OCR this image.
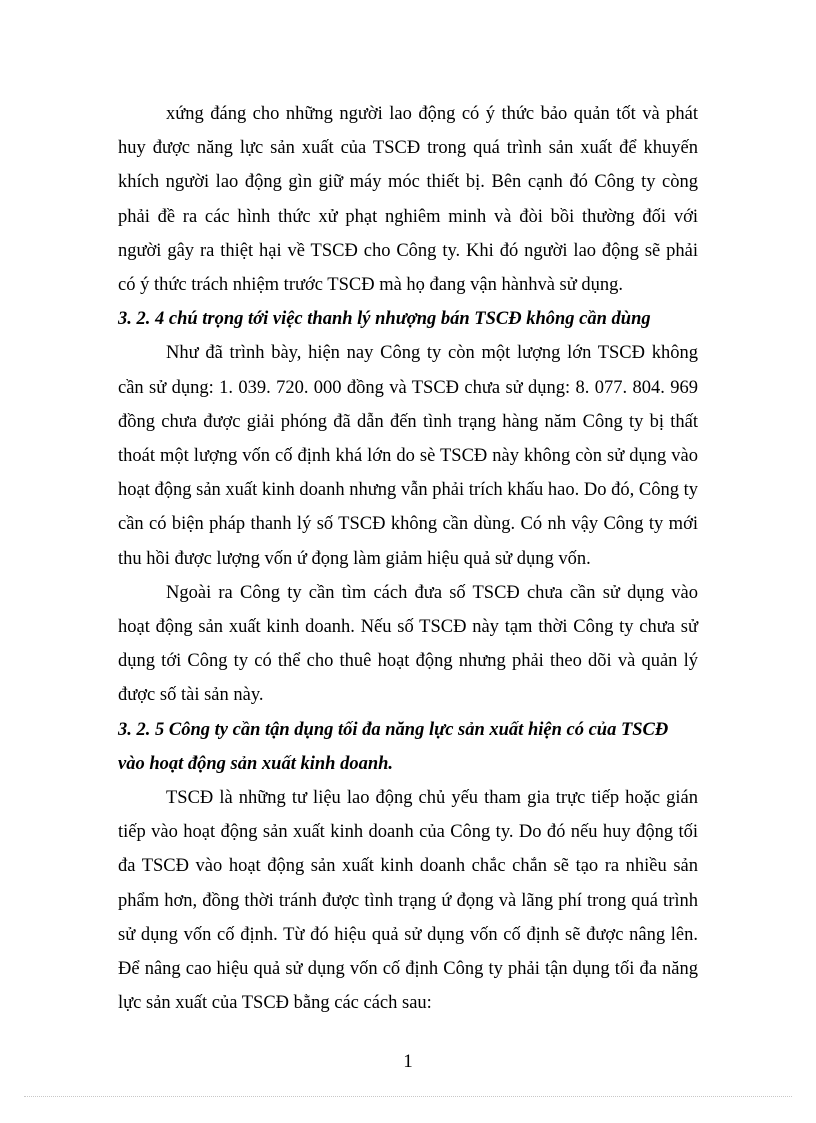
xứng đáng cho những người lao động có ý thức bảo quản tốt và phát huy được năng lực sản xuất của TSCĐ trong quá trình sản xuất để khuyến khích người lao động gìn giữ máy móc thiết bị. Bên cạnh đó Công ty còng phải đề ra các hình thức xử phạt nghiêm minh và đòi bồi thường đối với người gây ra thiệt hại về TSCĐ cho Công ty. Khi đó người lao động sẽ phải có ý thức trách nhiệm trước TSCĐ mà họ đang vận hànhvà sử dụng.

3. 2. 4 chú trọng tới việc thanh lý nhượng bán TSCĐ không cần dùng

Như đã trình bày, hiện nay Công ty còn một lượng lớn TSCĐ không cần sử dụng: 1. 039. 720. 000 đồng và TSCĐ chưa sử dụng: 8. 077. 804. 969 đồng chưa được giải phóng đã dẫn đến tình trạng hàng năm Công ty bị thất thoát một lượng vốn cố định khá lớn do sè TSCĐ này không còn sử dụng vào hoạt động sản xuất kinh doanh nhưng vẫn phải trích khấu hao. Do đó, Công ty cần có biện pháp thanh lý số TSCĐ không cần dùng. Có nh vậy Công ty mới thu hồi được lượng vốn ứ đọng làm giảm hiệu quả sử dụng vốn.

Ngoài ra Công ty cần tìm cách đưa số TSCĐ chưa cần sử dụng vào hoạt động sản xuất kinh doanh. Nếu số TSCĐ này tạm thời Công ty chưa sử dụng tới Công ty có thể cho thuê hoạt động nhưng phải theo dõi và quản lý được số tài sản này.

3. 2. 5 Công ty cần tận dụng tối đa năng lực sản xuất hiện có của TSCĐ vào hoạt động sản xuất kinh doanh.

TSCĐ là những tư liệu lao động chủ yếu tham gia trực tiếp hoặc gián tiếp vào hoạt động sản xuất kinh doanh của Công ty. Do đó nếu huy động tối đa TSCĐ vào hoạt động sản xuất kinh doanh chắc chắn sẽ tạo ra nhiều sản phẩm hơn, đồng thời tránh được tình trạng ứ đọng và lãng phí trong quá trình sử dụng vốn cố định. Từ đó hiệu quả sử dụng vốn cố định sẽ được nâng lên. Để nâng cao hiệu quả sử dụng vốn cố định Công ty phải tận dụng tối đa năng lực sản xuất của TSCĐ bằng các cách sau:

1
